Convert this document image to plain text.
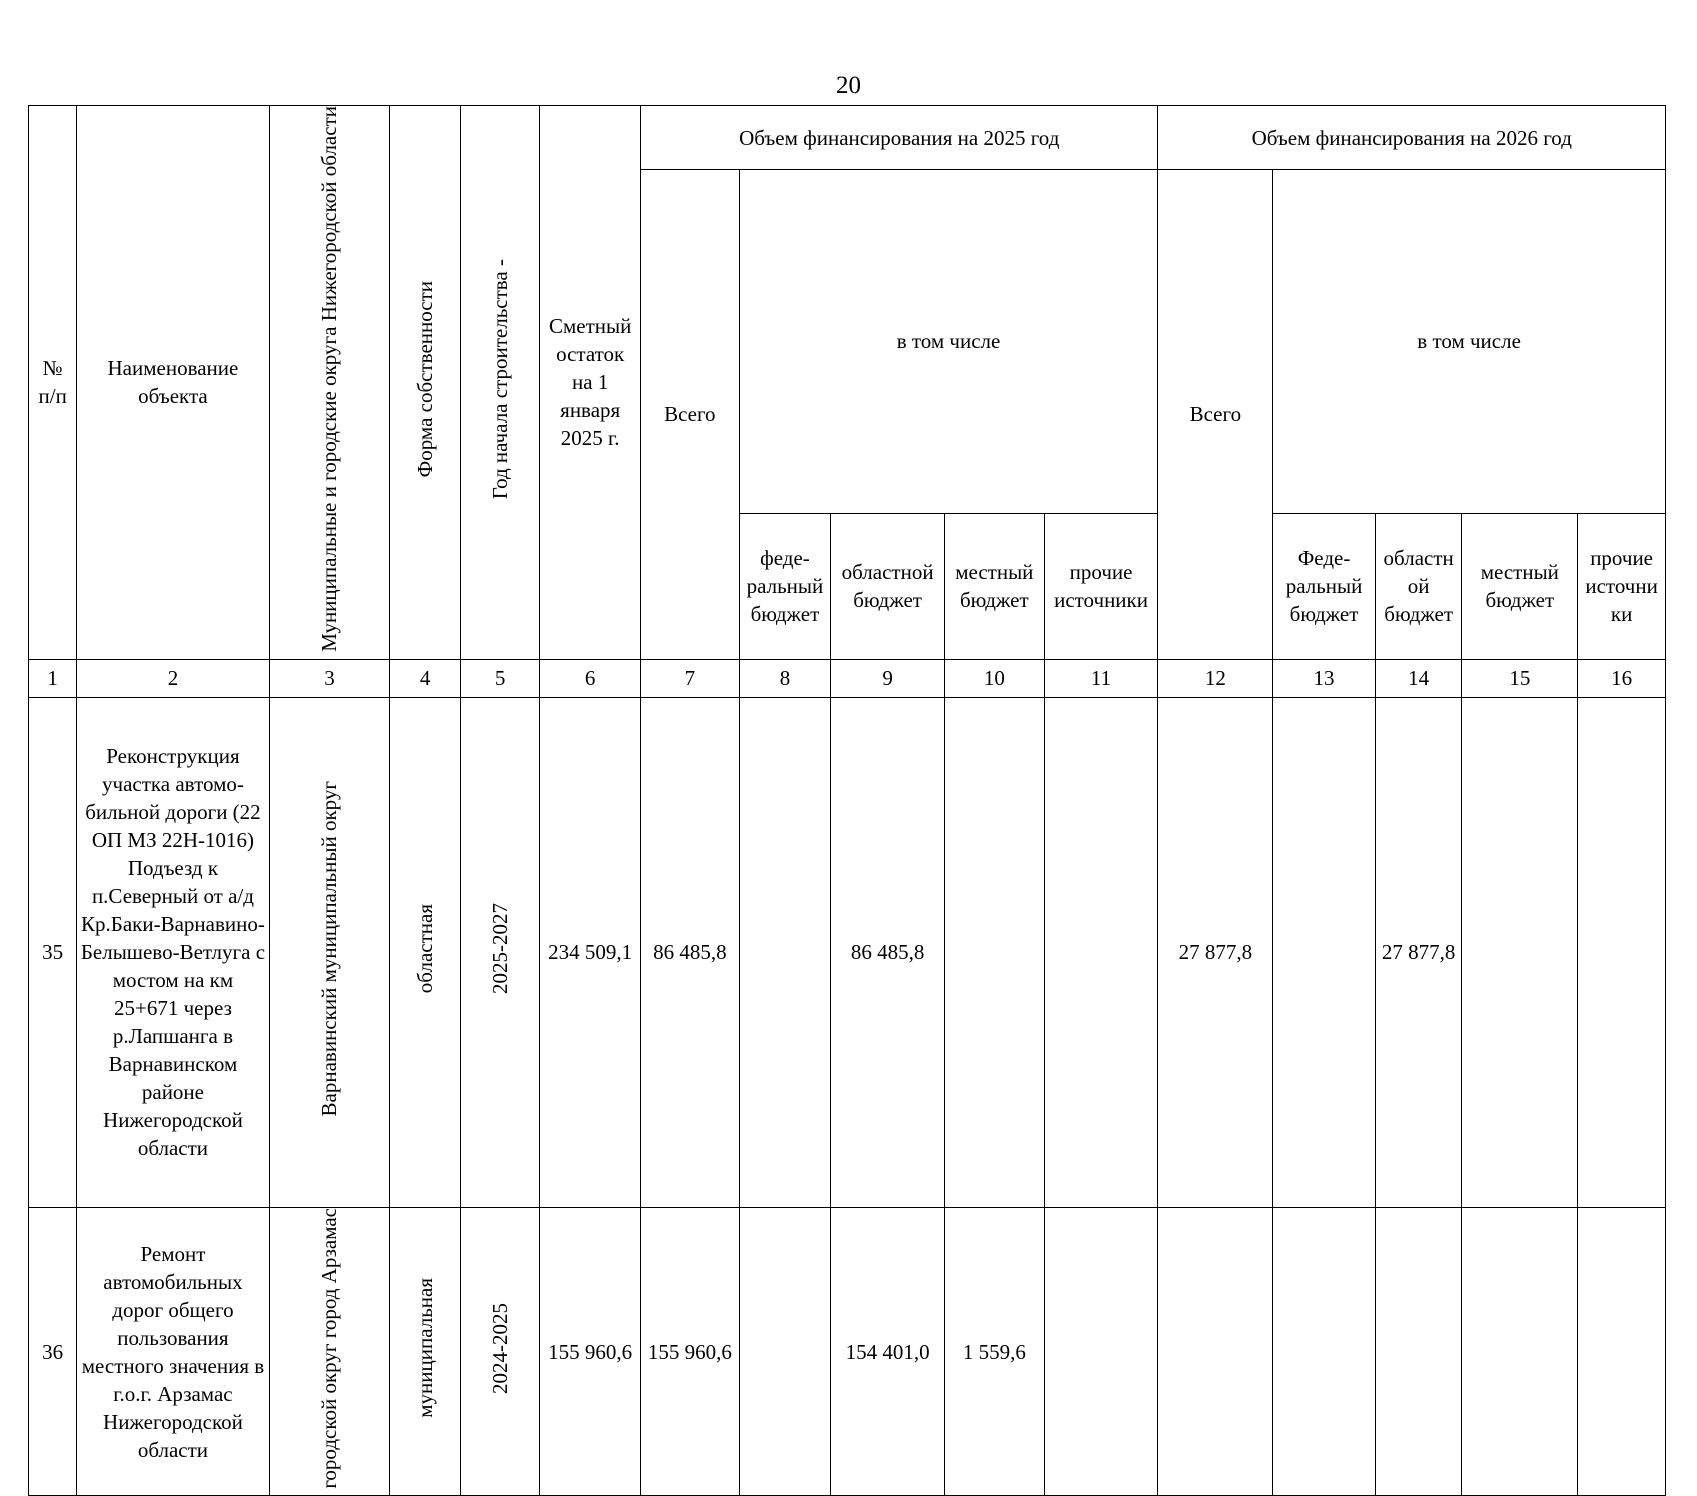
20
№ п/п	Наименование объекта	Муниципальные и городские округа Нижегородской области	Форма собственности	Год начала строительства -	Сметный остаток на 1 января 2025 г.	Объем финансирования на 2025 год					Объем финансирования на 2026 год				
						Всего	в том числе				Всего	в том числе			
							феде-ральный бюджет	областной бюджет	местный бюджет	прочие источники		Феде-ральный бюджет	областной бюджет	местный бюджет	прочие источники
1	2	3	4	5	6	7	8	9	10	11	12	13	14	15	16
35	Реконструкция участка автомо-бильной дороги (22 ОП МЗ 22Н-1016) Подъезд к п.Северный от а/д Кр.Баки-Варнавино-Белышево-Ветлуга с мостом на км 25+671 через р.Лапшанга в Варнавинском районе Нижегородской области	Варнавинский муниципальный округ	областная	2025-2027	234 509,1	86 485,8		86 485,8			27 877,8		27 877,8		
36	Ремонт автомобильных дорог общего пользования местного значения в г.о.г. Арзамас Нижегородской области	городской округ город Арзамас	муниципальная	2024-2025	155 960,6	155 960,6		154 401,0	1 559,6						
